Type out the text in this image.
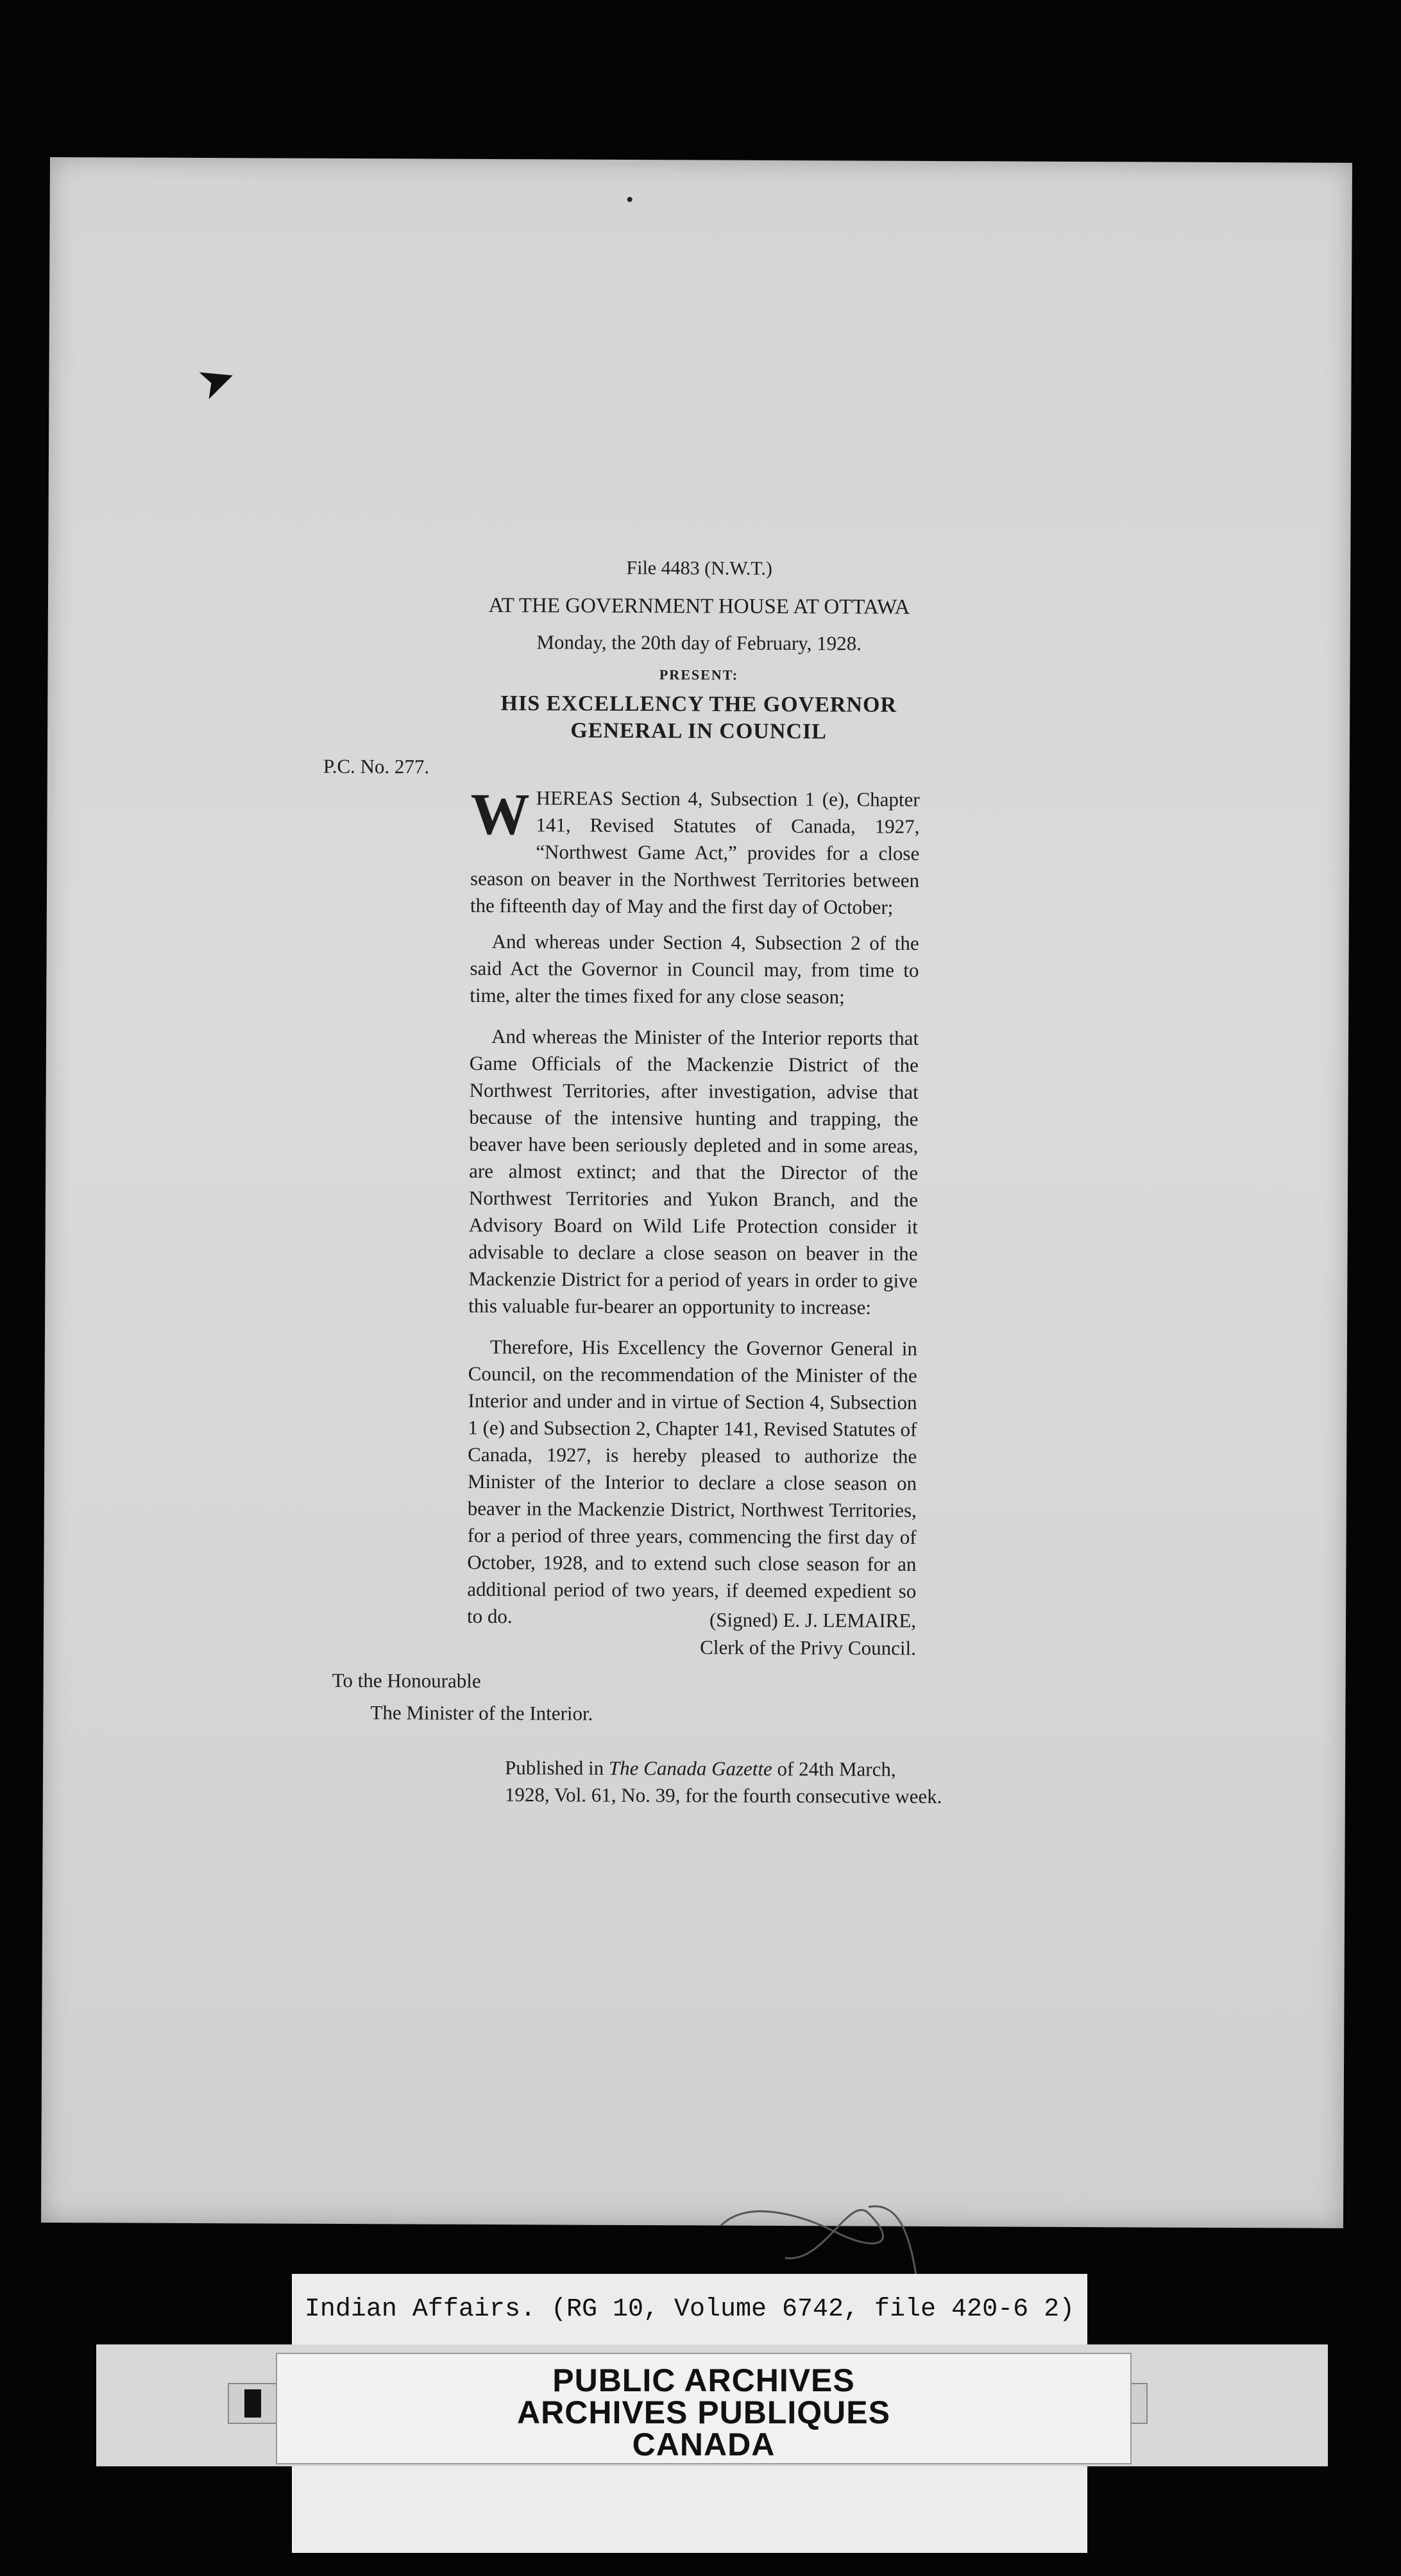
➤
File 4483 (N.W.T.)
AT THE GOVERNMENT HOUSE AT OTTAWA
Monday, the 20th day of February, 1928.
PRESENT:
HIS EXCELLENCY THE GOVERNOR
GENERAL IN COUNCIL
P.C. No. 277.

WHEREAS Section 4, Subsection 1 (e), Chapter 141, Revised Statutes of Canada, 1927, “Northwest Game Act,” provides for a close season on beaver in the Northwest Territories between the fifteenth day of May and the first day of October;

And whereas under Section 4, Subsection 2 of the said Act the Governor in Council may, from time to time, alter the times fixed for any close season;

And whereas the Minister of the Interior reports that Game Officials of the Mackenzie District of the Northwest Territories, after investigation, advise that because of the intensive hunting and trapping, the beaver have been seriously depleted and in some areas, are almost extinct; and that the Director of the Northwest Territories and Yukon Branch, and the Advisory Board on Wild Life Protection consider it advisable to declare a close season on beaver in the Mackenzie District for a period of years in order to give this valuable fur-bearer an opportunity to increase:

Therefore, His Excellency the Governor General in Council, on the recommendation of the Minister of the Interior and under and in virtue of Section 4, Subsection 1 (e) and Subsection 2, Chapter 141, Revised Statutes of Canada, 1927, is hereby pleased to authorize the Minister of the Interior to declare a close season on beaver in the Mackenzie District, Northwest Territories, for a period of three years, commencing the first day of October, 1928, and to extend such close season for an additional period of two years, if deemed expedient so to do.	(Signed) E. J. LEMAIRE,
Clerk of the Privy Council.
To the Honourable
The Minister of the Interior.
Published in The Canada Gazette of 24th March,
1928, Vol. 61, No. 39, for the fourth consecutive week.
Indian Affairs. (RG 10, Volume 6742, file 420-6 2)
PUBLIC ARCHIVES
ARCHIVES PUBLIQUES
CANADA
